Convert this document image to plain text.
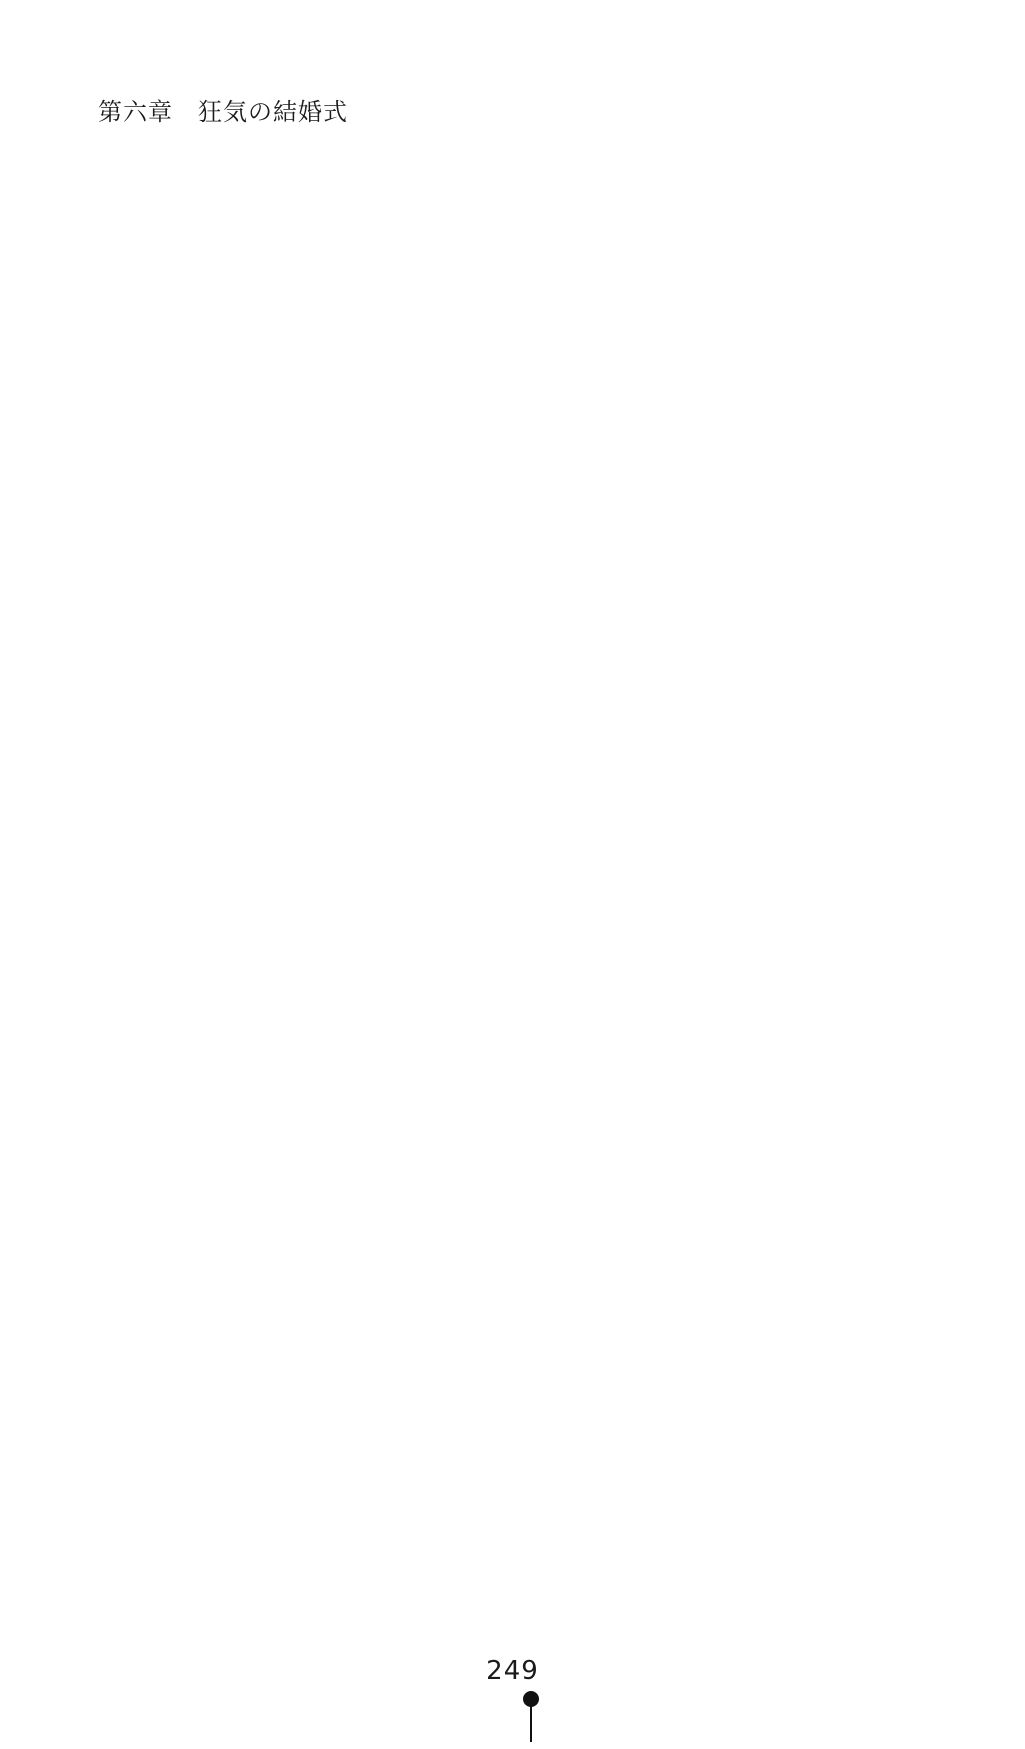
第六章　狂気の結婚式
249
